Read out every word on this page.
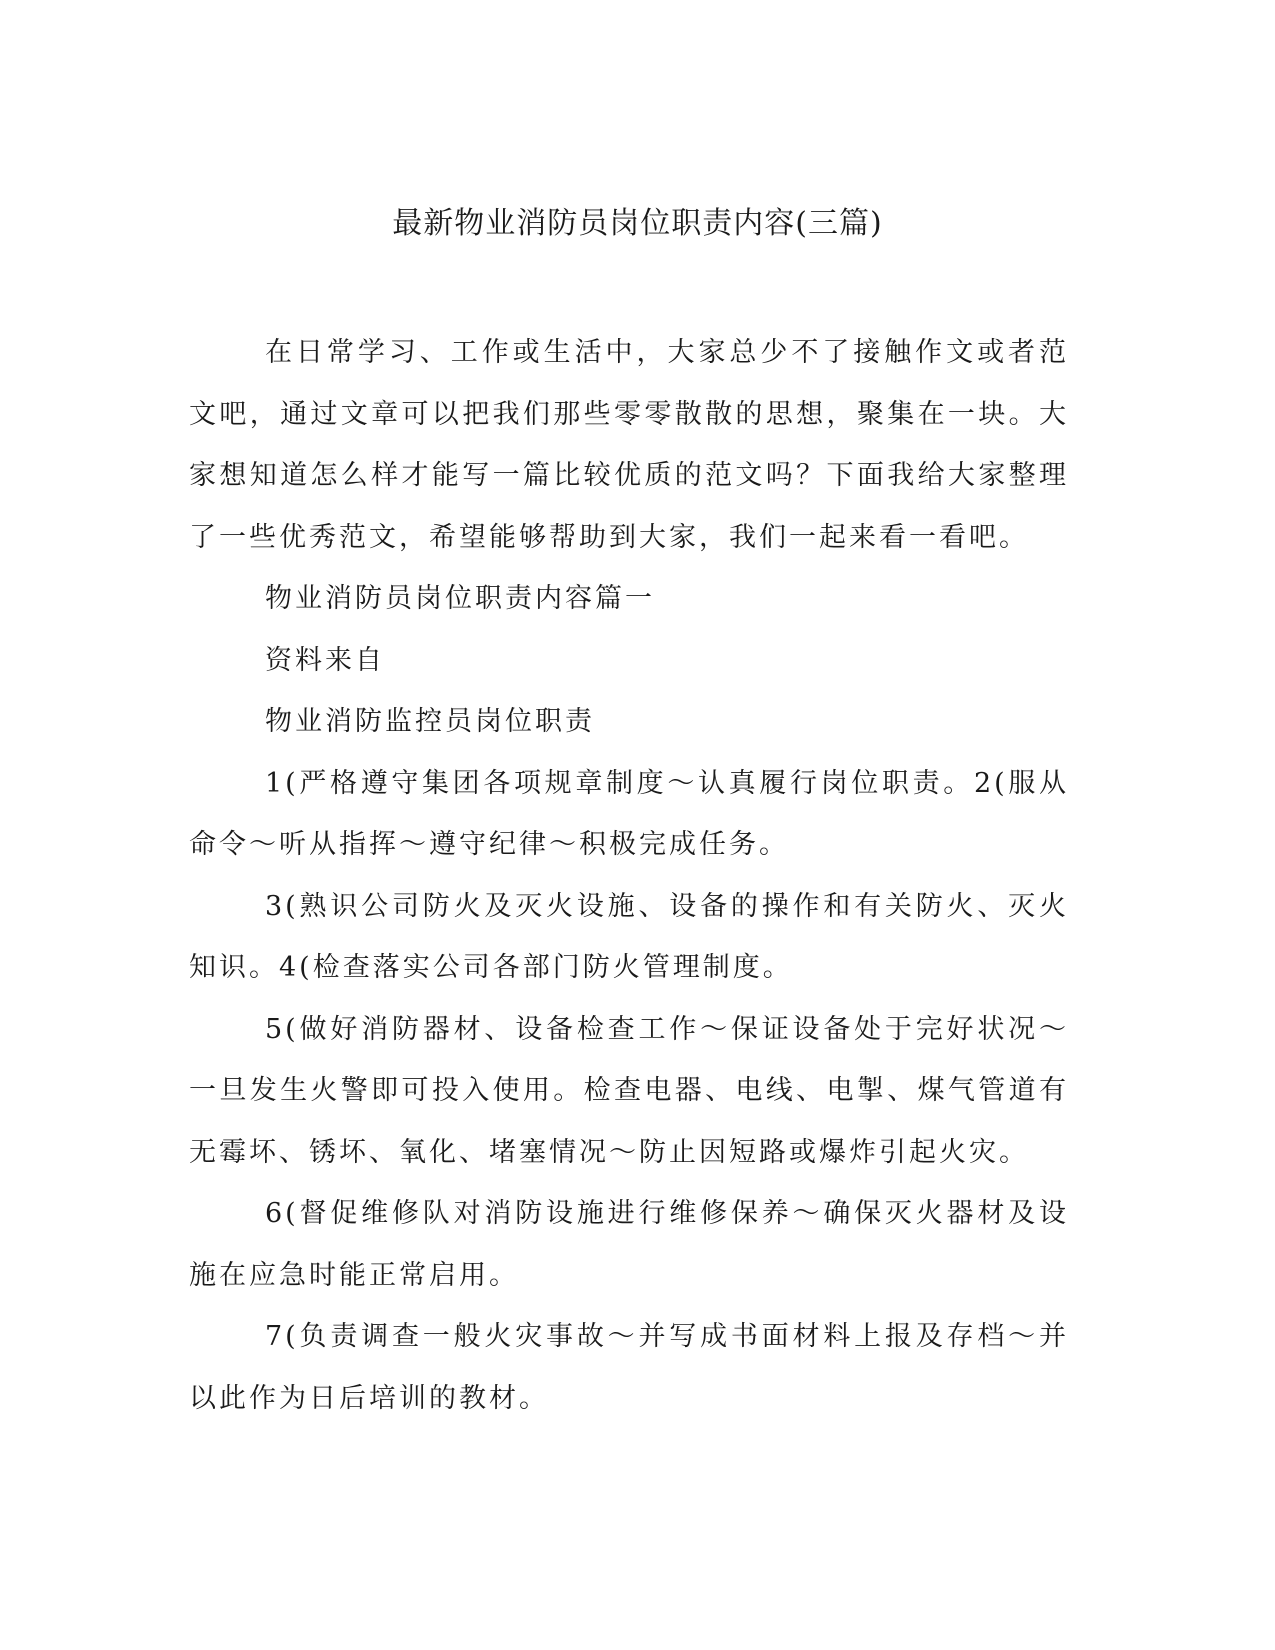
最新物业消防员岗位职责内容(三篇)

在日常学习、工作或生活中，大家总少不了接触作文或者范文吧，通过文章可以把我们那些零零散散的思想，聚集在一块。大家想知道怎么样才能写一篇比较优质的范文吗？下面我给大家整理了一些优秀范文，希望能够帮助到大家，我们一起来看一看吧。

物业消防员岗位职责内容篇一

资料来自

物业消防监控员岗位职责

1(严格遵守集团各项规章制度～认真履行岗位职责。2(服从命令～听从指挥～遵守纪律～积极完成任务。

3(熟识公司防火及灭火设施、设备的操作和有关防火、灭火知识。4(检查落实公司各部门防火管理制度。

5(做好消防器材、设备检查工作～保证设备处于完好状况～一旦发生火警即可投入使用。检查电器、电线、电掣、煤气管道有无霉坏、锈坏、氧化、堵塞情况～防止因短路或爆炸引起火灾。

6(督促维修队对消防设施进行维修保养～确保灭火器材及设施在应急时能正常启用。

7(负责调查一般火灾事故～并写成书面材料上报及存档～并以此作为日后培训的教材。
